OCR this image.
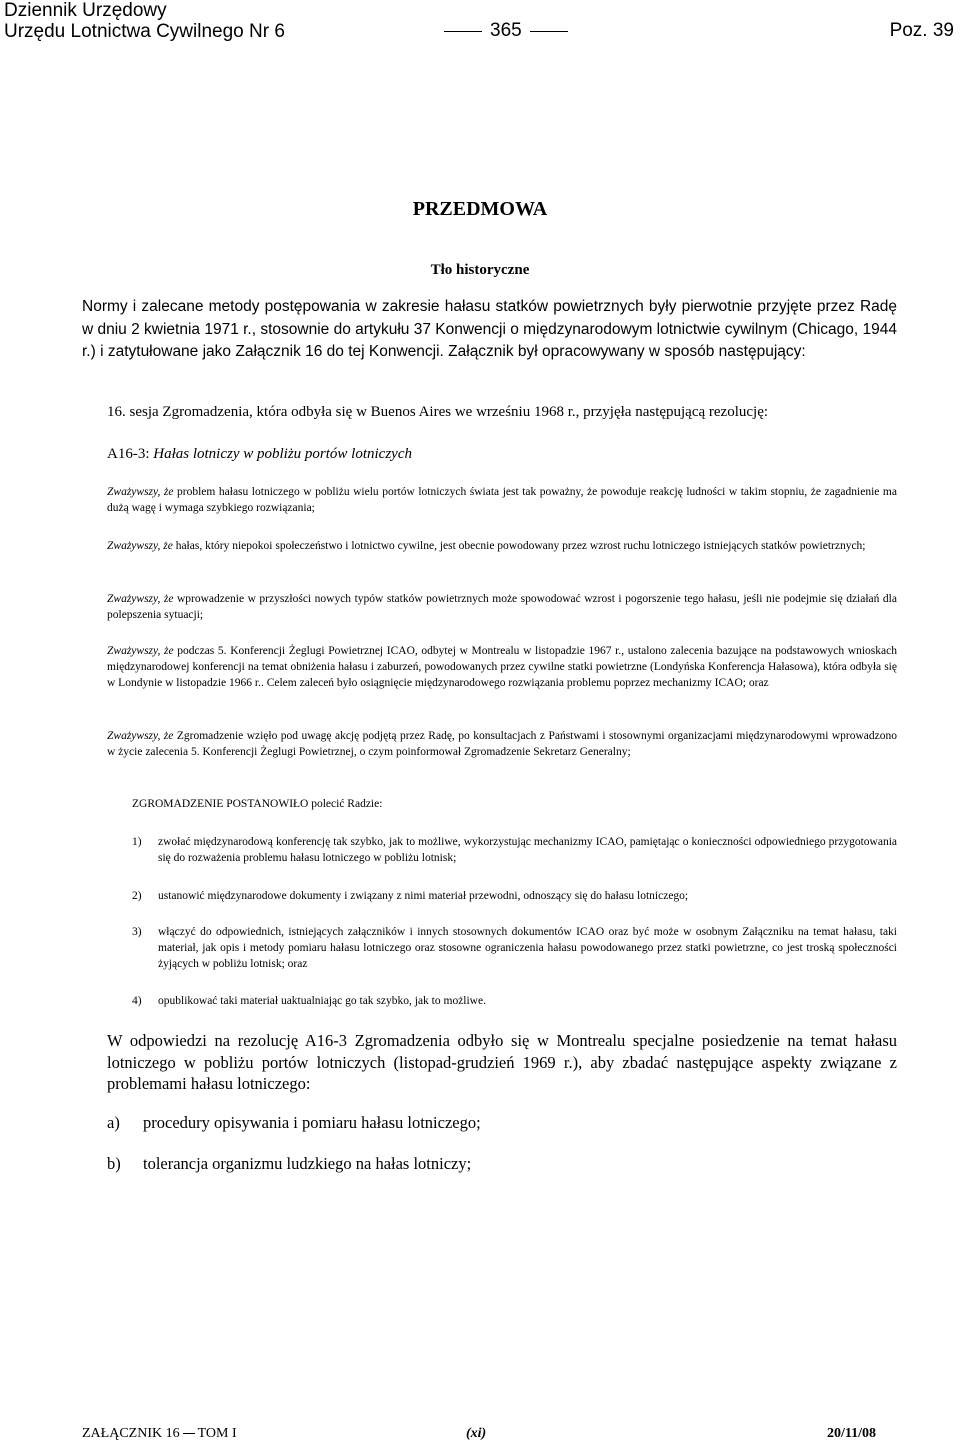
Dziennik Urzędowy
Urzędu Lotnictwa Cywilnego Nr 6	365	Poz. 39
PRZEDMOWA
Tło historyczne
Normy i zalecane metody postępowania w zakresie hałasu statków powietrznych były pierwotnie przyjęte przez Radę w dniu 2 kwietnia 1971 r., stosownie do artykułu 37 Konwencji o międzynarodowym lotnictwie cywilnym (Chicago, 1944 r.) i zatytułowane jako Załącznik 16 do tej Konwencji. Załącznik był opracowywany w sposób następujący:
16. sesja Zgromadzenia, która odbyła się w Buenos Aires we wrześniu 1968 r., przyjęła następującą rezolucję:
A16-3: Hałas lotniczy w pobliżu portów lotniczych
Zważywszy, że problem hałasu lotniczego w pobliżu wielu portów lotniczych świata jest tak poważny, że powoduje reakcję ludności w takim stopniu, że zagadnienie ma dużą wagę i wymaga szybkiego rozwiązania;
Zważywszy, że hałas, który niepokoi społeczeństwo i lotnictwo cywilne, jest obecnie powodowany przez wzrost ruchu lotniczego istniejących statków powietrznych;
Zważywszy, że wprowadzenie w przyszłości nowych typów statków powietrznych może spowodować wzrost i pogorszenie tego hałasu, jeśli nie podejmie się działań dla polepszenia sytuacji;
Zważywszy, że podczas 5. Konferencji Żeglugi Powietrznej ICAO, odbytej w Montrealu w listopadzie 1967 r., ustalono zalecenia bazujące na podstawowych wnioskach międzynarodowej konferencji na temat obniżenia hałasu i zaburzeń, powodowanych przez cywilne statki powietrzne (Londyńska Konferencja Hałasowa), która odbyła się w Londynie w listopadzie 1966 r.. Celem zaleceń było osiągnięcie międzynarodowego rozwiązania problemu poprzez mechanizmy ICAO; oraz
Zważywszy, że Zgromadzenie wzięło pod uwagę akcję podjętą przez Radę, po konsultacjach z Państwami i stosownymi organizacjami międzynarodowymi wprowadzono w życie zalecenia 5. Konferencji Żeglugi Powietrznej, o czym poinformował Zgromadzenie Sekretarz Generalny;
ZGROMADZENIE POSTANOWIŁO polecić Radzie:
1) zwołać międzynarodową konferencję tak szybko, jak to możliwe, wykorzystując mechanizmy ICAO, pamiętając o konieczności odpowiedniego przygotowania się do rozważenia problemu hałasu lotniczego w pobliżu lotnisk;
2) ustanowić międzynarodowe dokumenty i związany z nimi materiał przewodni, odnoszący się do hałasu lotniczego;
3) włączyć do odpowiednich, istniejących załączników i innych stosownych dokumentów ICAO oraz być może w osobnym Załączniku na temat hałasu, taki materiał, jak opis i metody pomiaru hałasu lotniczego oraz stosowne ograniczenia hałasu powodowanego przez statki powietrzne, co jest troską społeczności żyjących w pobliżu lotnisk; oraz
4) opublikować taki materiał uaktualniając go tak szybko, jak to możliwe.
W odpowiedzi na rezolucję A16-3 Zgromadzenia odbyło się w Montrealu specjalne posiedzenie na temat hałasu lotniczego w pobliżu portów lotniczych (listopad-grudzień 1969 r.), aby zbadać następujące aspekty związane z problemami hałasu lotniczego:
a) procedury opisywania i pomiaru hałasu lotniczego;
b) tolerancja organizmu ludzkiego na hałas lotniczy;
ZAŁĄCZNIK 16 TOM I	(xi)	20/11/08
